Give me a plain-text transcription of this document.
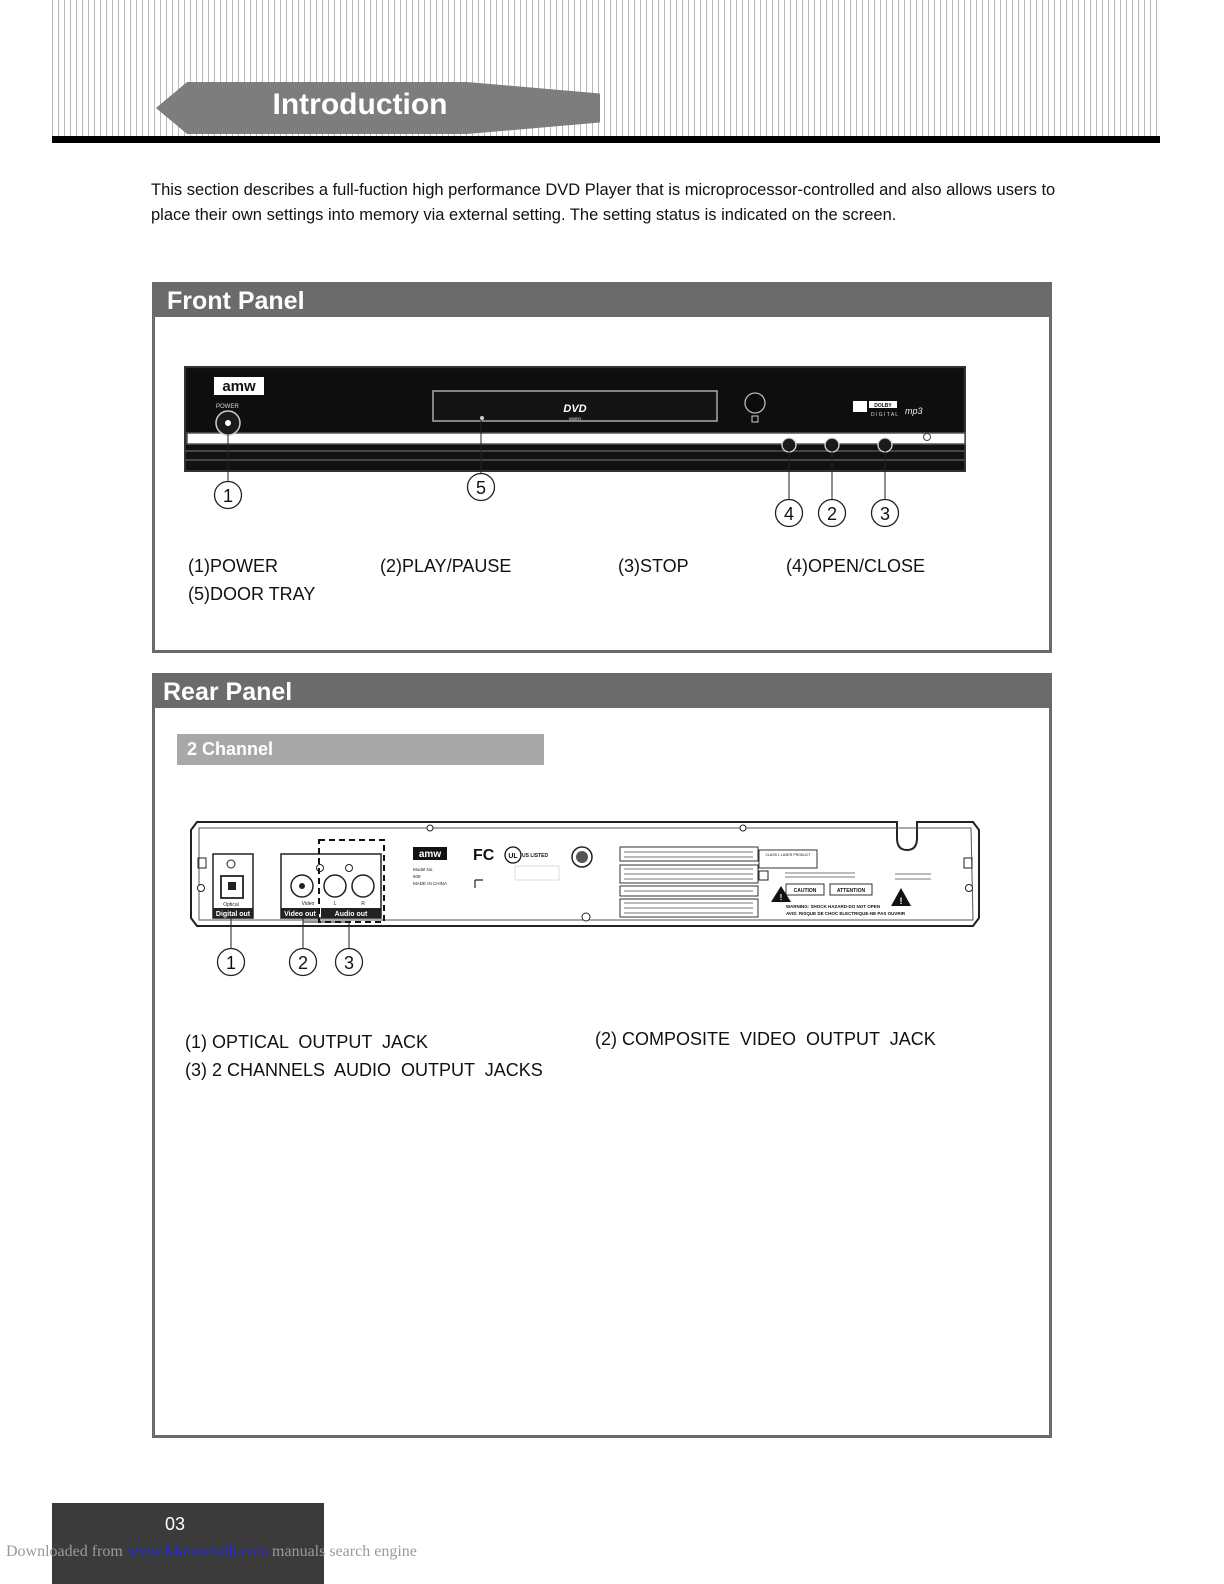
Introduction
This section describes a full-fuction high performance DVD Player that is microprocessor-controlled and also allows users to place their own settings into memory via external setting. The setting status is indicated on the screen.
Front Panel
amw
POWER	DVD
VIDEO
DOLBY
D I G I T A L mp3
1	5
4 2 3
(1)POWER	(2)PLAY/PAUSE	(3)STOP	(4)OPEN/CLOSE
(5)DOOR TRAY
Rear Panel
2 Channel
Optical
Digital out
Video	L	R
Video out	Audio out
amw
Model No.
509
MADE IN CHINA
FC UL US LISTED	CLASS 1 LASER PRODUCT
!	!
CAUTION	ATTENTION
WARNING: SHOCK HAZARD-DO NOT OPEN
AVIS: RISQUE DE CHOC ELECTRIQUE-NE PAS OUVRIR
1	2 3
(1) OPTICAL  OUTPUT  JACK	(2) COMPOSITE  VIDEO  OUTPUT  JACK
(3) 2 CHANNELS  AUDIO  OUTPUT  JACKS
03
Downloaded from www.Manualslib.com manuals search engine
